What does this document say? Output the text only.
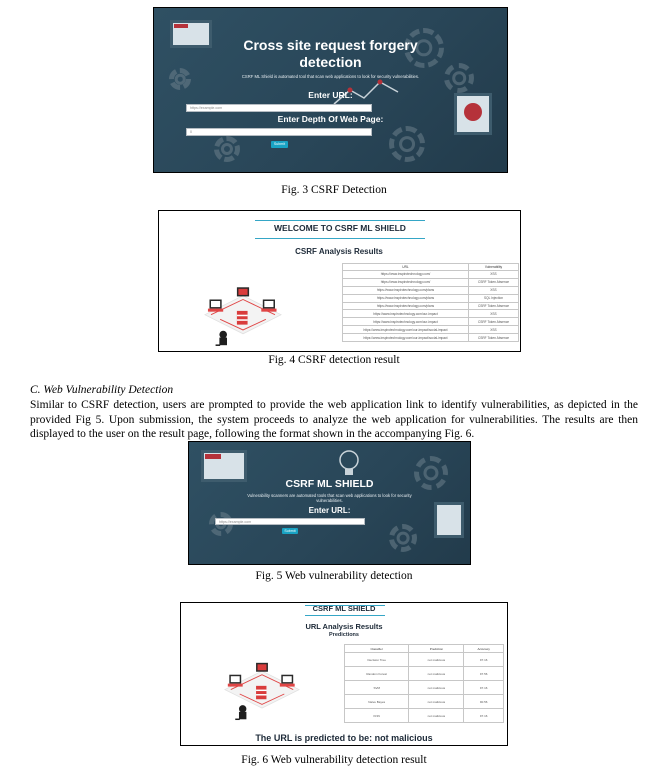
Cross site request forgery
detection
CSRF ML Shield is automated tool that scan web applications to look for security vulnerabilities.
Enter URL:
https://example.com
Enter Depth Of Web Page:
0
Submit
Fig. 3 CSRF Detection
WELCOME TO CSRF ML SHIELD
CSRF Analysis Results
URL	Vulnerability
https://www.inspirotechnology.com/	XSS
https://www.inspirotechnology.com/	CSRF Token Absence
https://www.inspirotechnology.com/plans	XSS
https://www.inspirotechnology.com/plans	SQL Injection
https://www.inspirotechnology.com/plans	CSRF Token Absence
https://www.inspirotechnology.com/our-impact	XSS
https://www.inspirotechnology.com/our-impact	CSRF Token Absence
https://www.inspirotechnology.com/our-impact/social-impact	XSS
https://www.inspirotechnology.com/our-impact/social-impact	CSRF Token Absence
Fig. 4 CSRF detection result
C. Web Vulnerability Detection
Similar to CSRF detection, users are prompted to provide the web application link to identify vulnerabilities, as depicted in the
provided Fig 5. Upon submission, the system proceeds to analyze the web application for vulnerabilities. The results are then
displayed to the user on the result page, following the format shown in the accompanying Fig. 6.
CSRF ML SHIELD
Vulnerability scanners are automated tools that scan web applications to look for security vulnerabilities.
Enter URL:
https://example.com
Submit
Fig. 5 Web vulnerability detection
CSRF ML SHIELD
URL Analysis Results
Predictions
Classifier	Prediction	Accuracy
Decision Tree	not malicious	97.16
Random Forest	not malicious	97.56
SVM	not malicious	97.16
Naive Bayes	not malicious	90.56
KNN	not malicious	97.16
The URL is predicted to be: not malicious
Fig. 6 Web vulnerability detection result
